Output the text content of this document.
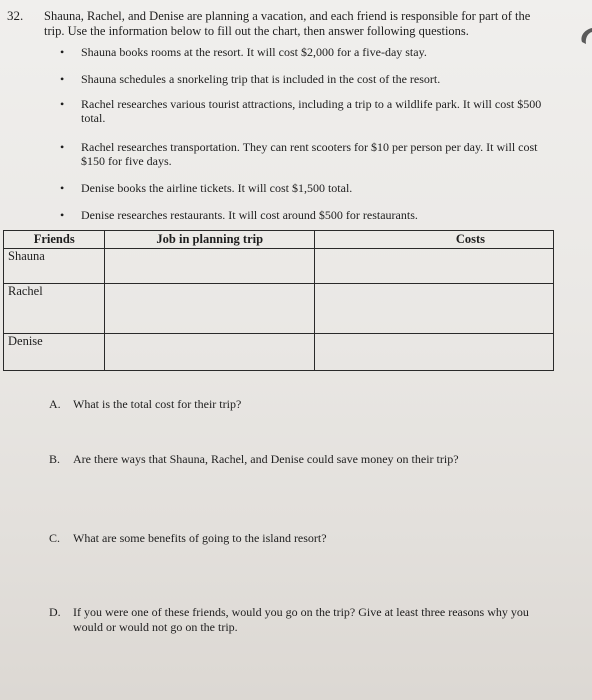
32. Shauna, Rachel, and Denise are planning a vacation, and each friend is responsible for part of the trip. Use the information below to fill out the chart, then answer following questions.
• Shauna books rooms at the resort. It will cost $2,000 for a five-day stay.
• Shauna schedules a snorkeling trip that is included in the cost of the resort.
• Rachel researches various tourist attractions, including a trip to a wildlife park. It will cost $500 total.
• Rachel researches transportation. They can rent scooters for $10 per person per day. It will cost $150 for five days.
• Denise books the airline tickets. It will cost $1,500 total.
• Denise researches restaurants. It will cost around $500 for restaurants.
Friends	Job in planning trip	Costs
Shauna		
Rachel		
Denise		
A. What is the total cost for their trip?
B. Are there ways that Shauna, Rachel, and Denise could save money on their trip?
C. What are some benefits of going to the island resort?
D. If you were one of these friends, would you go on the trip? Give at least three reasons why you would or would not go on the trip.
